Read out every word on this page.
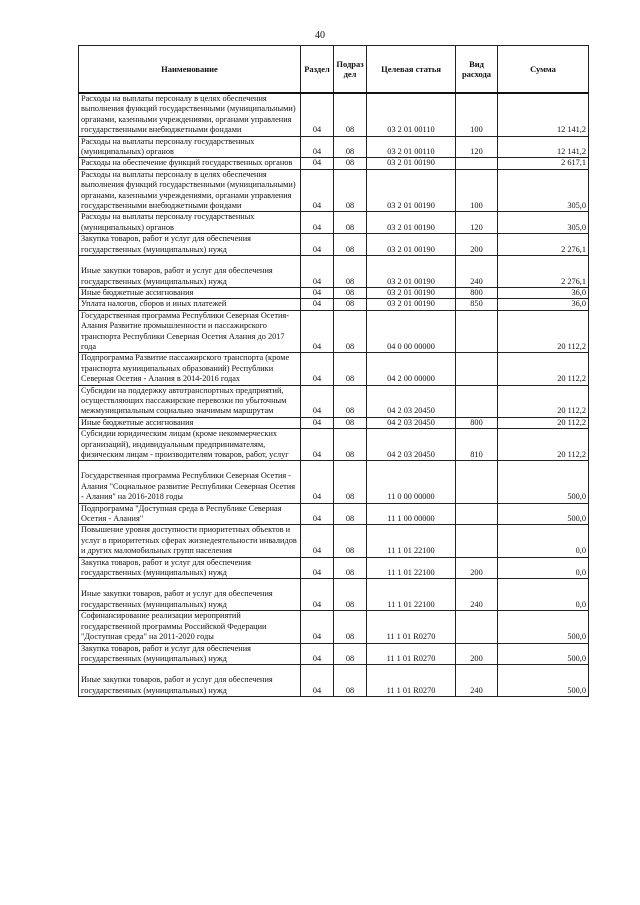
40
Наименование	Раздел	Подраз дел	Целевая статья	Вид расхода	Сумма
Расходы на выплаты персоналу в целях обеспечения выполнения функций государственными (муниципальными) органами, казенными учреждениями, органами управления государственными внебюджетными фондами	04	08	03 2 01 00110	100	12 141,2
Расходы на выплаты персоналу государственных (муниципальных) органов	04	08	03 2 01 00110	120	12 141,2
Расходы на обеспечение функций государственных органов	04	08	03 2 01 00190		2 617,1
Расходы на выплаты персоналу в целях обеспечения выполнения функций государственными (муниципальными) органами, казенными учреждениями, органами управления государственными внебюджетными фондами	04	08	03 2 01 00190	100	305,0
Расходы на выплаты персоналу государственных (муниципальных) органов	04	08	03 2 01 00190	120	305,0
Закупка товаров, работ и услуг для обеспечения государственных (муниципальных) нужд	04	08	03 2 01 00190	200	2 276,1
Иные закупки товаров, работ и услуг для обеспечения государственных (муниципальных) нужд	04	08	03 2 01 00190	240	2 276,1
Иные бюджетные ассигнования	04	08	03 2 01 00190	800	36,0
Уплата налогов, сборов и иных платежей	04	08	03 2 01 00190	850	36,0
Государственная программа Республики Северная Осетия-Алания Развитие промышленности и пассажирского транспорта Республики Северная Осетия Алания до 2017 года	04	08	04 0 00 00000		20 112,2
Подпрограмма Развитие пассажирского транспорта (кроме транспорта муниципальных образований) Республики Северная Осетия - Алания в 2014-2016 годах	04	08	04 2 00 00000		20 112,2
Субсидии на поддержку автотранспортных предприятий, осуществляющих пассажирские перевозки по убыточным межмуниципальным социально значимым маршрутам	04	08	04 2 03 20450		20 112,2
Иные бюджетные ассигнования	04	08	04 2 03 20450	800	20 112,2
Субсидии юридическим лицам (кроме некоммерческих организаций), индивидуальным предпринимателям, физическим лицам - производителям товаров, работ, услуг	04	08	04 2 03 20450	810	20 112,2
Государственная программа Республики Северная Осетия - Алания "Социальное развитие Республики Северная Осетия - Алания" на 2016-2018 годы	04	08	11 0 00 00000		500,0
Подпрограмма "Доступная среда в Республике Северная Осетия - Алания"	04	08	11 1 00 00000		500,0
Повышение уровня доступности приоритетных объектов и услуг в приоритетных сферах жизнедеятельности инвалидов и других маломобильных групп населения	04	08	11 1 01 22100		0,0
Закупка товаров, работ и услуг для обеспечения государственных (муниципальных) нужд	04	08	11 1 01 22100	200	0,0
Иные закупки товаров, работ и услуг для обеспечения государственных (муниципальных) нужд	04	08	11 1 01 22100	240	0,0
Софинансирование реализации мероприятий государственной программы Российской Федерации "Доступная среда" на 2011-2020 годы	04	08	11 1 01 R0270		500,0
Закупка товаров, работ и услуг для обеспечения государственных (муниципальных) нужд	04	08	11 1 01 R0270	200	500,0
Иные закупки товаров, работ и услуг для обеспечения государственных (муниципальных) нужд	04	08	11 1 01 R0270	240	500,0
